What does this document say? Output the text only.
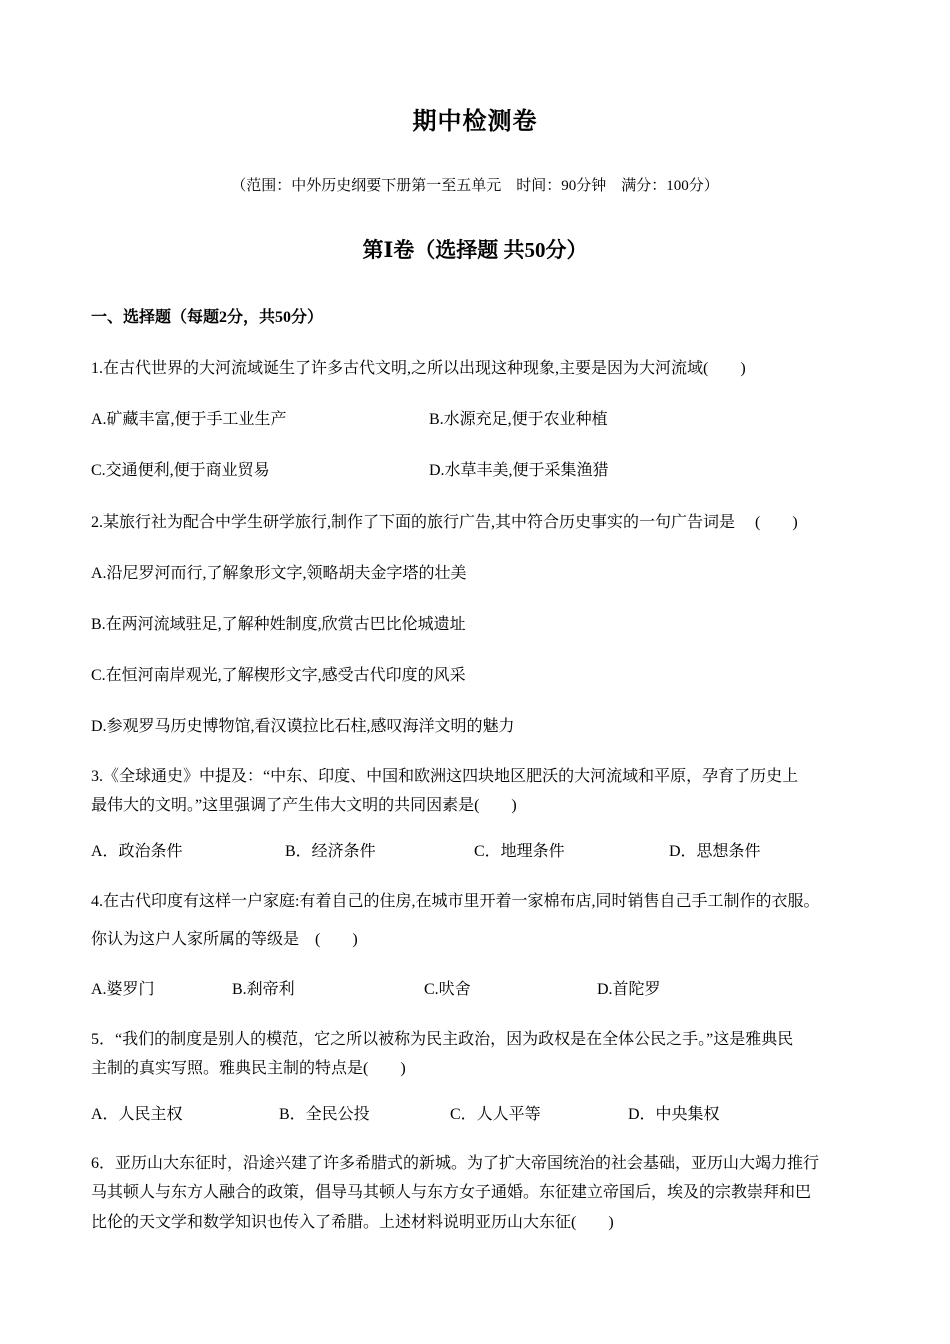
期中检测卷
（范围：中外历史纲要下册第一至五单元　时间：90分钟　满分：100分）
第Ⅰ卷（选择题 共50分）
一、选择题（每题2分，共50分）
1.在古代世界的大河流域诞生了许多古代文明,之所以出现这种现象,主要是因为大河流域(　　)
A.矿藏丰富,便于手工业生产	B.水源充足,便于农业种植
C.交通便利,便于商业贸易	D.水草丰美,便于采集渔猎
2.某旅行社为配合中学生研学旅行,制作了下面的旅行广告,其中符合历史事实的一句广告词是　 (　　)
A.沿尼罗河而行,了解象形文字,领略胡夫金字塔的壮美
B.在两河流域驻足,了解种姓制度,欣赏古巴比伦城遗址
C.在恒河南岸观光,了解楔形文字,感受古代印度的风采
D.参观罗马历史博物馆,看汉谟拉比石柱,感叹海洋文明的魅力
3.《全球通史》中提及：“中东、印度、中国和欧洲这四块地区肥沃的大河流域和平原，孕育了历史上
最伟大的文明。”这里强调了产生伟大文明的共同因素是(　　)
A．政治条件	B．经济条件	C．地理条件	D．思想条件
4.在古代印度有这样一户家庭:有着自己的住房,在城市里开着一家棉布店,同时销售自己手工制作的衣服。
你认为这户人家所属的等级是　(　　)
A.婆罗门	B.刹帝利	C.吠舍	D.首陀罗
5．“我们的制度是别人的模范，它之所以被称为民主政治，因为政权是在全体公民之手。”这是雅典民
主制的真实写照。雅典民主制的特点是(　　)
A．人民主权	B．全民公投	C．人人平等	D．中央集权
6．亚历山大东征时，沿途兴建了许多希腊式的新城。为了扩大帝国统治的社会基础，亚历山大竭力推行
马其顿人与东方人融合的政策，倡导马其顿人与东方女子通婚。东征建立帝国后，埃及的宗教崇拜和巴
比伦的天文学和数学知识也传入了希腊。上述材料说明亚历山大东征(　　)
